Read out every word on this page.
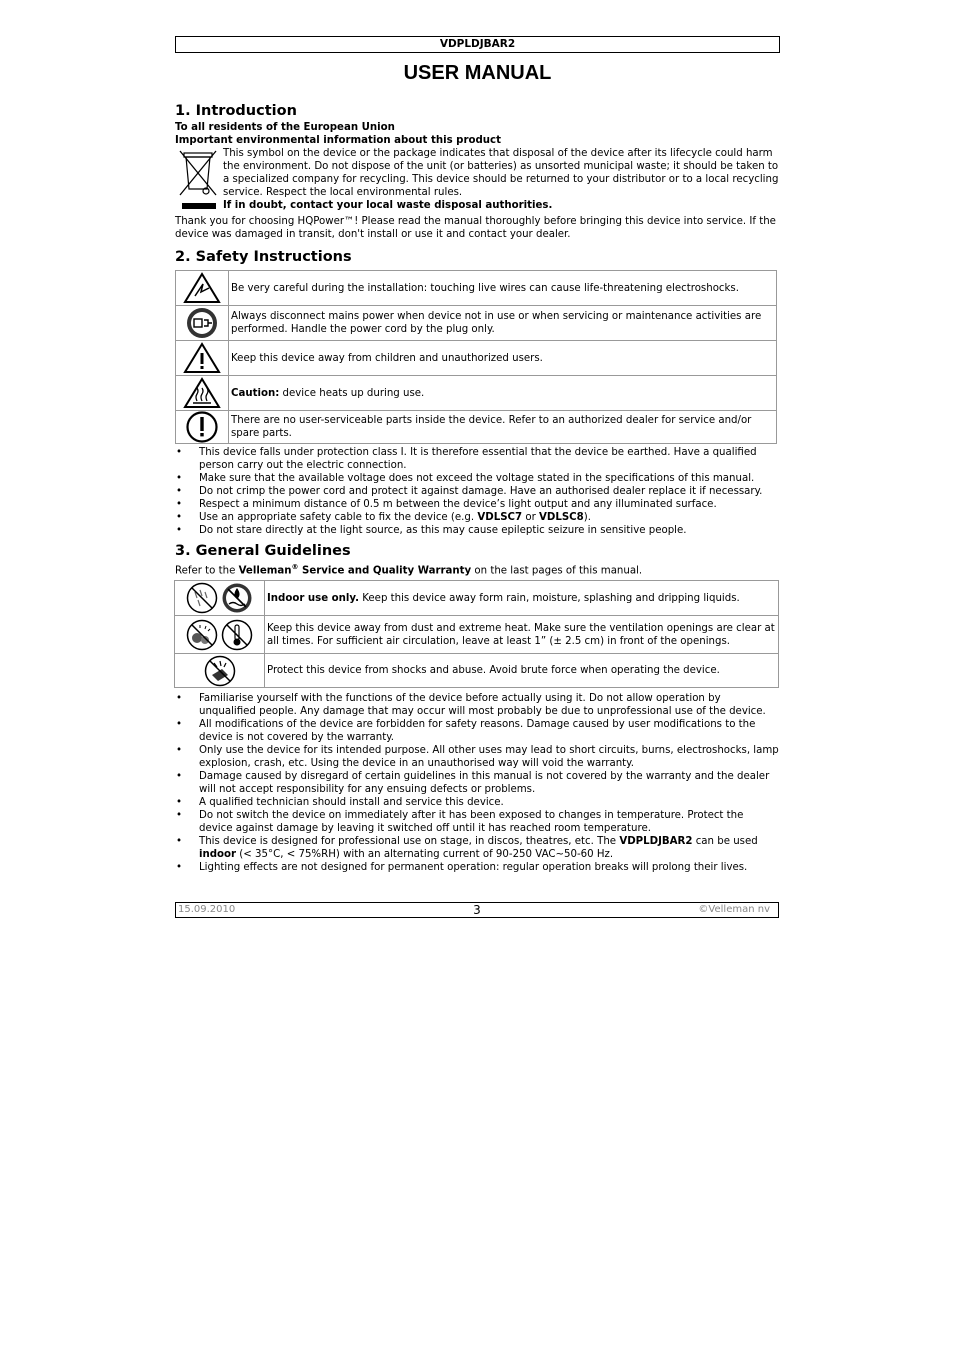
VDPLDJBAR2
USER MANUAL
1. Introduction
To all residents of the European Union
Important environmental information about this product

This symbol on the device or the package indicates that disposal of the device after its lifecycle could harm the environment. Do not dispose of the unit (or batteries) as unsorted municipal waste; it should be taken to a specialized company for recycling. This device should be returned to your distributor or to a local recycling service. Respect the local environmental rules.

If in doubt, contact your local waste disposal authorities.

Thank you for choosing HQPower™! Please read the manual thoroughly before bringing this device into service. If the device was damaged in transit, don't install or use it and contact your dealer.

2. Safety Instructions
	Be very careful during the installation: touching live wires can cause life-threatening electroshocks.

	Always disconnect mains power when device not in use or when servicing or maintenance activities are performed. Handle the power cord by the plug only.

	Keep this device away from children and unauthorized users.

	Caution: device heats up during use.

	There are no user-serviceable parts inside the device. Refer to an authorized dealer for service and/or spare parts.
• This device falls under protection class I. It is therefore essential that the device be earthed. Have a qualified person carry out the electric connection.
• Make sure that the available voltage does not exceed the voltage stated in the specifications of this manual.
• Do not crimp the power cord and protect it against damage. Have an authorised dealer replace it if necessary.
• Respect a minimum distance of 0.5 m between the device’s light output and any illuminated surface.
• Use an appropriate safety cable to fix the device (e.g. VDLSC7 or VDLSC8).
• Do not stare directly at the light source, as this may cause epileptic seizure in sensitive people.
3. General Guidelines

Refer to the Velleman® Service and Quality Warranty on the last pages of this manual.

	Indoor use only. Keep this device away form rain, moisture, splashing and dripping liquids.

	Keep this device away from dust and extreme heat. Make sure the ventilation openings are clear at all times. For sufficient air circulation, leave at least 1” (± 2.5 cm) in front of the openings.

	Protect this device from shocks and abuse. Avoid brute force when operating the device.
• Familiarise yourself with the functions of the device before actually using it. Do not allow operation by unqualified people. Any damage that may occur will most probably be due to unprofessional use of the device.
• All modifications of the device are forbidden for safety reasons. Damage caused by user modifications to the device is not covered by the warranty.
• Only use the device for its intended purpose. All other uses may lead to short circuits, burns, electroshocks, lamp explosion, crash, etc. Using the device in an unauthorised way will void the warranty.
• Damage caused by disregard of certain guidelines in this manual is not covered by the warranty and the dealer will not accept responsibility for any ensuing defects or problems.
• A qualified technician should install and service this device.
• Do not switch the device on immediately after it has been exposed to changes in temperature. Protect the device against damage by leaving it switched off until it has reached room temperature.
• This device is designed for professional use on stage, in discos, theatres, etc. The VDPLDJBAR2 can be used indoor (< 35°C, < 75%RH) with an alternating current of 90-250 VAC~50-60 Hz.
• Lighting effects are not designed for permanent operation: regular operation breaks will prolong their lives.
15.09.2010	3	©Velleman nv
